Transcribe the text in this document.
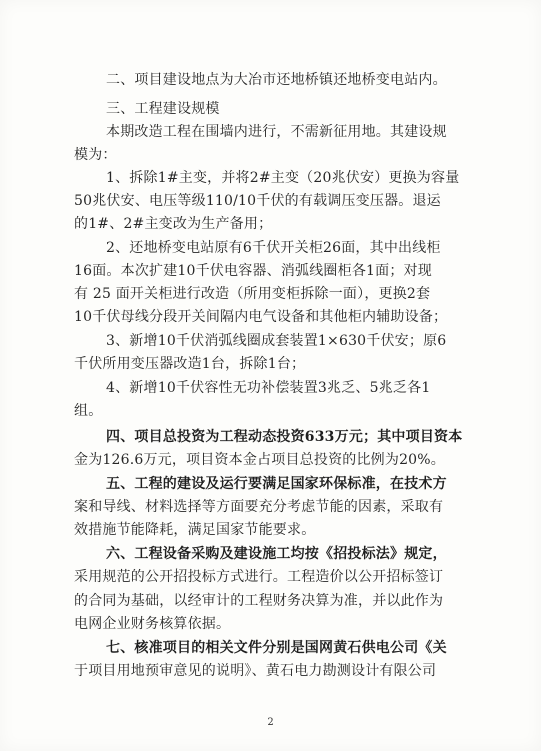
二、项目建设地点为大冶市还地桥镇还地桥变电站内。
三、工程建设规模
本期改造工程在围墙内进行，不需新征用地。其建设规
模为：
1、拆除1#主变，并将2#主变（20兆伏安）更换为容量
50兆伏安、电压等级110/10千伏的有载调压变压器。退运
的1#、2#主变改为生产备用；
2、还地桥变电站原有6千伏开关柜26面，其中出线柜
16面。本次扩建10千伏电容器、消弧线圈柜各1面；对现
有 25 面开关柜进行改造（所用变柜拆除一面），更换2套
10千伏母线分段开关间隔内电气设备和其他柜内辅助设备；
3、新增10千伏消弧线圈成套装置1×630千伏安；原6
千伏所用变压器改造1台，拆除1台；
4、新增10千伏容性无功补偿装置3兆乏、5兆乏各1
组。
四、项目总投资为工程动态投资633万元；其中项目资本
金为126.6万元，项目资本金占项目总投资的比例为20%。
五、工程的建设及运行要满足国家环保标准，在技术方
案和导线、材料选择等方面要充分考虑节能的因素，采取有
效措施节能降耗，满足国家节能要求。
六、工程设备采购及建设施工均按《招投标法》规定，
采用规范的公开招投标方式进行。工程造价以公开招标签订
的合同为基础，以经审计的工程财务决算为准，并以此作为
电网企业财务核算依据。
七、核准项目的相关文件分别是国网黄石供电公司《关
于项目用地预审意见的说明》、黄石电力勘测设计有限公司
2
